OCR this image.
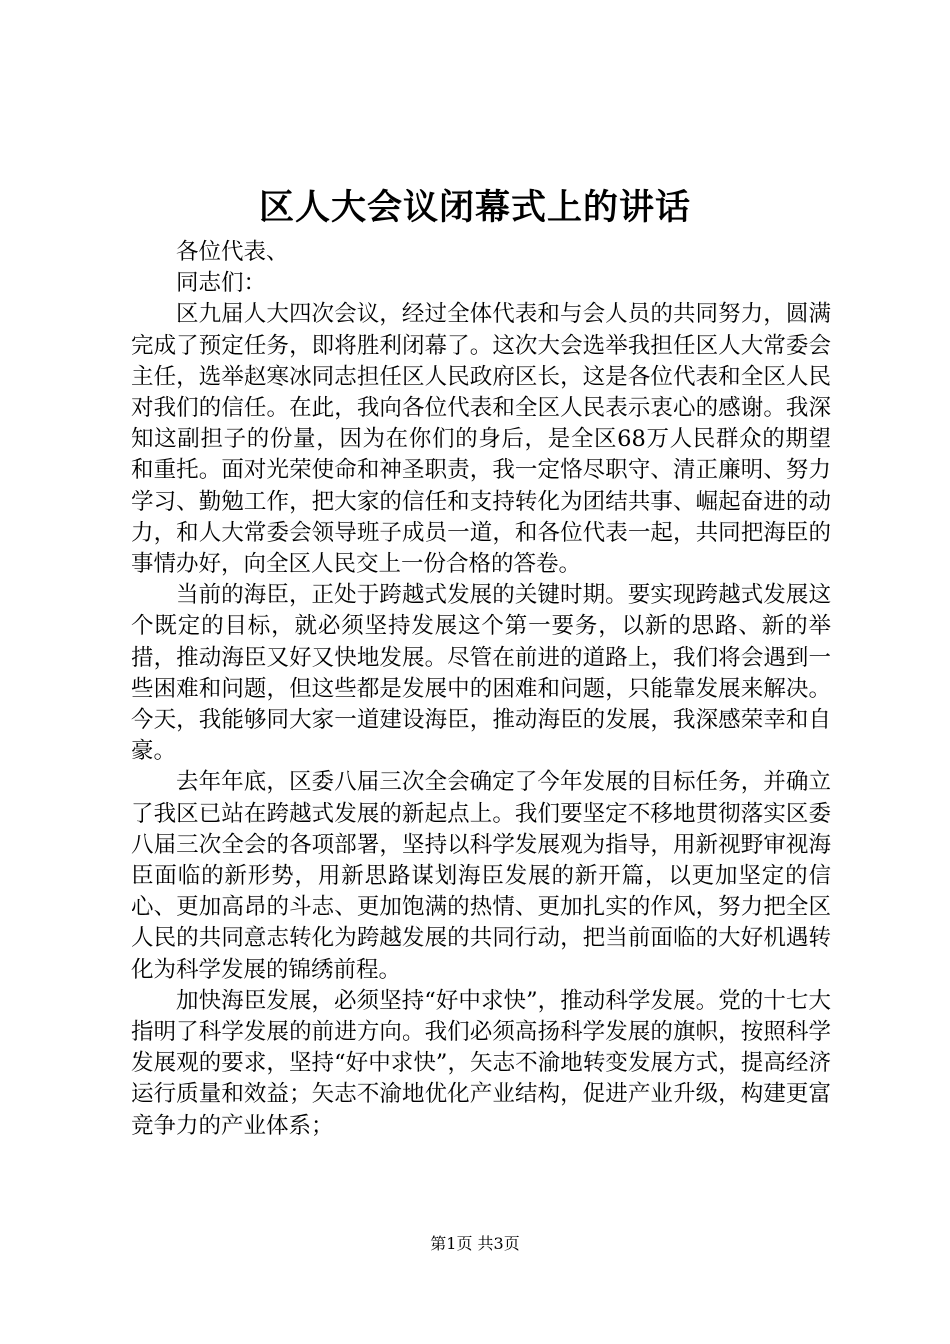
区人大会议闭幕式上的讲话

各位代表、

同志们：

区九届人大四次会议，经过全体代表和与会人员的共同努力，圆满完成了预定任务，即将胜利闭幕了。这次大会选举我担任区人大常委会主任，选举赵寒冰同志担任区人民政府区长，这是各位代表和全区人民对我们的信任。在此，我向各位代表和全区人民表示衷心的感谢。我深知这副担子的份量，因为在你们的身后，是全区68万人民群众的期望和重托。面对光荣使命和神圣职责，我一定恪尽职守、清正廉明、努力学习、勤勉工作，把大家的信任和支持转化为团结共事、崛起奋进的动力，和人大常委会领导班子成员一道，和各位代表一起，共同把海臣的事情办好，向全区人民交上一份合格的答卷。

当前的海臣，正处于跨越式发展的关键时期。要实现跨越式发展这个既定的目标，就必须坚持发展这个第一要务，以新的思路、新的举措，推动海臣又好又快地发展。尽管在前进的道路上，我们将会遇到一些困难和问题，但这些都是发展中的困难和问题，只能靠发展来解决。今天，我能够同大家一道建设海臣，推动海臣的发展，我深感荣幸和自豪。

去年年底，区委八届三次全会确定了今年发展的目标任务，并确立了我区已站在跨越式发展的新起点上。我们要坚定不移地贯彻落实区委八届三次全会的各项部署，坚持以科学发展观为指导，用新视野审视海臣面临的新形势，用新思路谋划海臣发展的新开篇，以更加坚定的信心、更加高昂的斗志、更加饱满的热情、更加扎实的作风，努力把全区人民的共同意志转化为跨越发展的共同行动，把当前面临的大好机遇转化为科学发展的锦绣前程。

加快海臣发展，必须坚持“好中求快”，推动科学发展。党的十七大指明了科学发展的前进方向。我们必须高扬科学发展的旗帜，按照科学发展观的要求，坚持“好中求快”，矢志不渝地转变发展方式，提高经济运行质量和效益；矢志不渝地优化产业结构，促进产业升级，构建更富竞争力的产业体系；

第1页 共3页
